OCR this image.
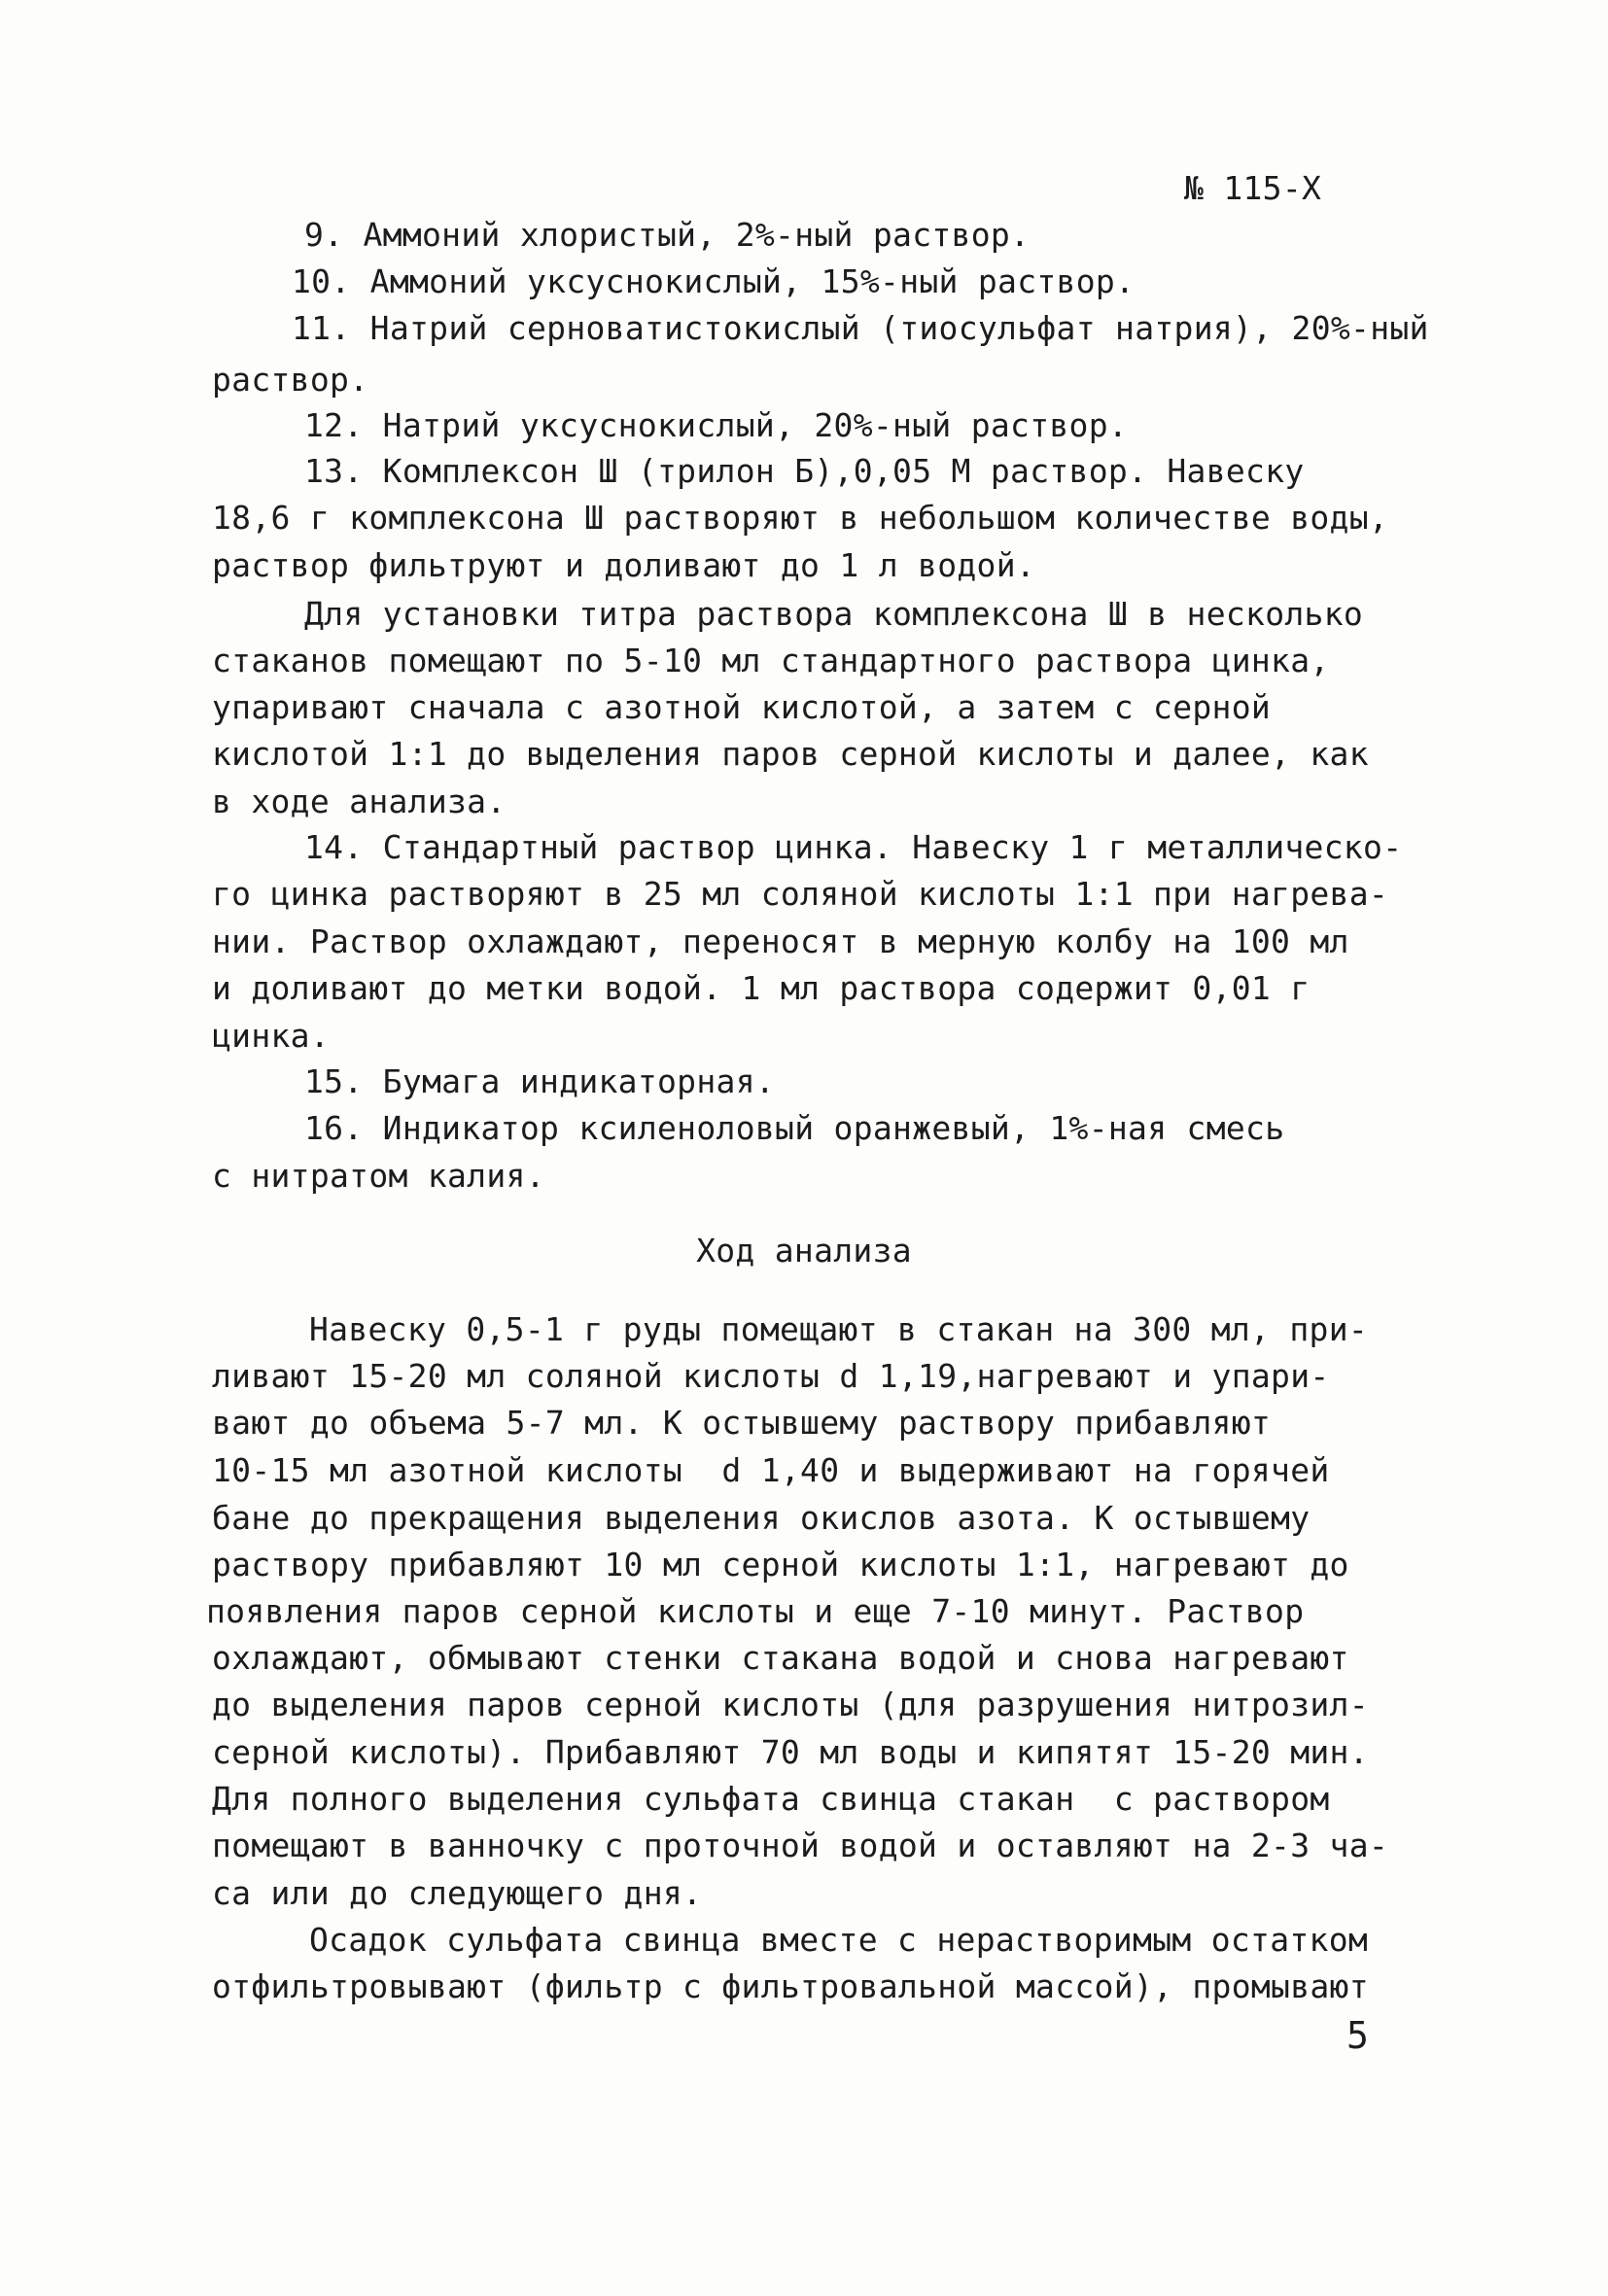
№ 115-Х
9. Аммоний хлористый, 2%-ный раствор.
10. Аммоний уксуснокислый, 15%-ный раствор.
11. Натрий серноватистокислый (тиосульфат натрия), 20%-ный
раствор.
12. Натрий уксуснокислый, 20%-ный раствор.
13. Комплексон Ш (трилон Б),0,05 М раствор. Навеску
18,6 г комплексона Ш растворяют в небольшом количестве воды,
раствор фильтруют и доливают до 1 л водой.
Для установки титра раствора комплексона Ш в несколько
стаканов помещают по 5-10 мл стандартного раствора цинка,
упаривают сначала с азотной кислотой, а затем с серной
кислотой 1:1 до выделения паров серной кислоты и далее, как
в ходе анализа.
14. Стандартный раствор цинка. Навеску 1 г металлическо-
го цинка растворяют в 25 мл соляной кислоты 1:1 при нагрева-
нии. Раствор охлаждают, переносят в мерную колбу на 100 мл
и доливают до метки водой. 1 мл раствора содержит 0,01 г
цинка.
15. Бумага индикаторная.
16. Индикатор ксиленоловый оранжевый, 1%-ная смесь
с нитратом калия.
Ход анализа
Навеску 0,5-1 г руды помещают в стакан на 300 мл, при-
ливают 15-20 мл соляной кислоты d 1,19,нагревают и упари-
вают до объема 5-7 мл. К остывшему раствору прибавляют
10-15 мл азотной кислоты  d 1,40 и выдерживают на горячей
бане до прекращения выделения окислов азота. К остывшему
раствору прибавляют 10 мл серной кислоты 1:1, нагревают до
появления паров серной кислоты и еще 7-10 минут. Раствор
охлаждают, обмывают стенки стакана водой и снова нагревают
до выделения паров серной кислоты (для разрушения нитрозил-
серной кислоты). Прибавляют 70 мл воды и кипятят 15-20 мин.
Для полного выделения сульфата свинца стакан  с раствором
помещают в ванночку с проточной водой и оставляют на 2-3 ча-
са или до следующего дня.
Осадок сульфата свинца вместе с нерастворимым остатком
отфильтровывают (фильтр с фильтровальной массой), промывают
5
